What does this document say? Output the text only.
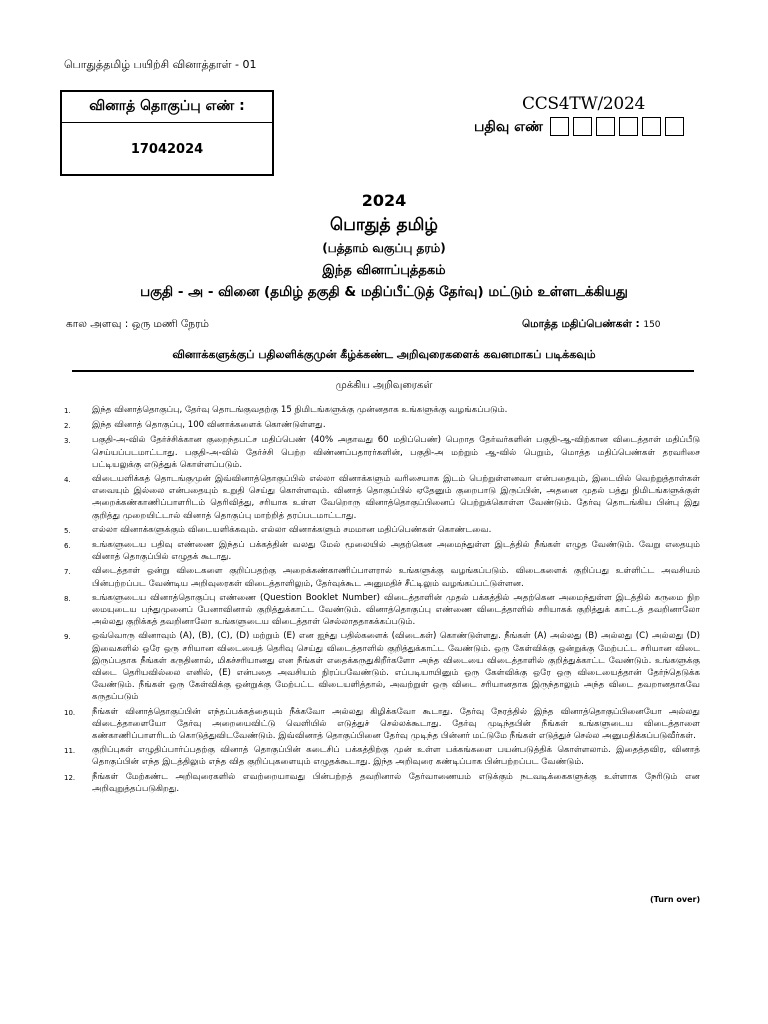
பொதுத்தமிழ் பயிற்சி வினாத்தாள் - 01
வினாத் தொகுப்பு எண் :
17042024
CCS4TW/2024
பதிவு எண்
2024
பொதுத் தமிழ்
(பத்தாம் வகுப்பு தரம்)
இந்த வினாப்புத்தகம்
பகுதி - அ - வினை (தமிழ் தகுதி & மதிப்பீட்டுத் தேர்வு) மட்டும் உள்ளடக்கியது
கால அளவு : ஒரு மணி நேரம்	மொத்த மதிப்பெண்கள் : 150
வினாக்களுக்குப் பதிலளிக்குமுன் கீழ்க்கண்ட அறிவுரைகளைக் கவனமாகப் படிக்கவும்
முக்கிய அறிவுரைகள்
1.	இந்த வினாத்தொகுப்பு, தேர்வு தொடங்குவதற்கு 15 நிமிடங்களுக்கு முன்னதாக உங்களுக்கு வழங்கப்படும்.
2.	இந்த வினாத் தொகுப்பு, 100 வினாக்களைக் கொண்டுள்ளது.
3.	பகுதி-அ-வில் தேர்ச்சிக்கான குறைந்தபட்ச மதிப்பெண் (40% அதாவது 60 மதிப்பெண்) பெறாத தேர்வர்களின் பகுதி-ஆ-விற்கான விடைத்தாள் மதிப்பீடு செய்யப்படமாட்டாது. பகுதி-அ-வில் தேர்ச்சி பெற்ற விண்ணப்பதாரர்களின், பகுதி-அ மற்றும் ஆ-வில் பெறும், மொத்த மதிப்பெண்கள் தரவரிசை பட்டியலுக்கு எடுத்துக் கொள்ளப்படும்.
4.	விடையளிக்கத் தொடங்குமுன் இவ்வினாத்தொகுப்பில் எல்லா வினாக்களும் வரிசையாக இடம் பெற்றுள்ளனவா என்பதையும், இடையில் வெற்றுத்தாள்கள் எவையும் இல்லை என்பதையும் உறுதி செய்து கொள்ளவும். வினாத் தொகுப்பில் ஏதேனும் குறைபாடு இருப்பின், அதனை முதல் பத்து நிமிடங்களுக்குள் அறைக்கண்காணிப்பாளரிடம் தெரிவித்து, சரியாக உள்ள வேறொரு வினாத்தொகுப்பினைப் பெற்றுக்கொள்ள வேண்டும். தேர்வு தொடங்கிய பின்பு இது குறித்து முறையிட்டால் வினாத் தொகுப்பு மாற்றித் தரப்படமாட்டாது.
5.	எல்லா வினாக்களுக்கும் விடையளிக்கவும். எல்லா வினாக்களும் சமமான மதிப்பெண்கள் கொண்டவை.
6.	உங்களுடைய பதிவு எண்ணை இந்தப் பக்கத்தின் வலது மேல் மூலையில் அதற்கென அமைந்துள்ள இடத்தில் நீங்கள் எழுத வேண்டும். வேறு எதையும் வினாத் தொகுப்பில் எழுதக் கூடாது.
7.	விடைத்தாள் ஒன்று விடைகளை குறிப்பதற்கு அறைக்கண்காணிப்பாளரால் உங்களுக்கு வழங்கப்படும். விடைகளைக் குறிப்பது உள்ளிட்ட அவசியம் பின்பற்றப்பட வேண்டிய அறிவுரைகள் விடைத்தாளிலும், தேர்வுக்கூட அனுமதிச் சீட்டிலும் வழங்கப்பட்டுள்ளன.
8.	உங்களுடைய வினாத்தொகுப்பு எண்ணை (Question Booklet Number) விடைத்தாளின் முதல் பக்கத்தில் அதற்கென அமைந்துள்ள இடத்தில் கருமை நிற மையுடைய பந்துமுனைப் பேனாவினால் குறித்துக்காட்ட வேண்டும். வினாத்தொகுப்பு எண்ணை விடைத்தாளில் சரியாகக் குறித்துக் காட்டத் தவறினாலோ அல்லது குறிக்கத் தவறினாலோ உங்களுடைய விடைத்தாள் செல்லாததாகக்கப்படும்.
9.	ஒவ்வொரு வினாவும் (A), (B), (C), (D) மற்றும் (E) என ஐந்து பதில்களைக் (விடைகள்) கொண்டுள்ளது. நீங்கள் (A) அல்லது (B) அல்லது (C) அல்லது (D) இவைகளில் ஒரே ஒரு சரியான விடையைத் தெரிவு செய்து விடைத்தாளில் குறித்துக்காட்ட வேண்டும். ஒரு கேள்விக்கு ஒன்றுக்கு மேற்பட்ட சரியான விடை இருப்பதாக நீங்கள் கருதினால், மிகச்சரியானது என நீங்கள் எதைக்கருதுகிறீர்களோ அந்த விடையை விடைத்தாளில் குறித்துக்காட்ட வேண்டும். உங்களுக்கு விடை தெரியவில்லை எனில், (E) என்பதை அவசியம் நிரப்பவேண்டும். எப்படியாயினும் ஒரு கேள்விக்கு ஒரே ஒரு விடையைத்தான் தேர்ந்தெடுக்க வேண்டும். நீங்கள் ஒரு கேள்விக்கு ஒன்றுக்கு மேற்பட்ட விடையளித்தால், அவற்றுள் ஒரு விடை சரியானதாக இருந்தாலும் அந்த விடை தவறானதாகவே கருதப்படும்
10.	நீங்கள் வினாத்தொகுப்பின் எந்தப்பக்கத்தையும் நீக்கவோ அல்லது கிழிக்கவோ கூடாது. தேர்வு நேரத்தில் இந்த வினாத்தொகுப்பினையோ அல்லது விடைத்தாளையோ தேர்வு அறையைவிட்டு வெளியில் எடுத்துச் செல்லக்கூடாது. தேர்வு முடிந்தபின் நீங்கள் உங்களுடைய விடைத்தாளை கண்காணிப்பாளரிடம் கொடுத்துவிடவேண்டும். இவ்வினாத் தொகுப்பினை தேர்வு முடிந்த பின்னர் மட்டுமே நீங்கள் எடுத்துச் செல்ல அனுமதிக்கப்படுவீர்கள்.
11.	குறிப்புகள் எழுதிப்பார்ப்பதற்கு வினாத் தொகுப்பின் கடைசிப் பக்கத்திற்கு முன் உள்ள பக்கங்களை பயன்படுத்திக் கொள்ளலாம். இதைத்தவிர, வினாத் தொகுப்பின் எந்த இடத்திலும் எந்த வித குறிப்புகளையும் எழுதக்கூடாது. இந்த அறிவுரை கண்டிப்பாக பின்பற்றப்பட வேண்டும்.
12.	நீங்கள் மேற்கண்ட அறிவுரைகளில் எவற்றையாவது பின்பற்றத் தவறினால் தேர்வாணையம் எடுக்கும் நடவடிக்கைகளுக்கு உள்ளாக நேரிடும் என அறிவுறுத்தப்படுகிறது.
(Turn over)
